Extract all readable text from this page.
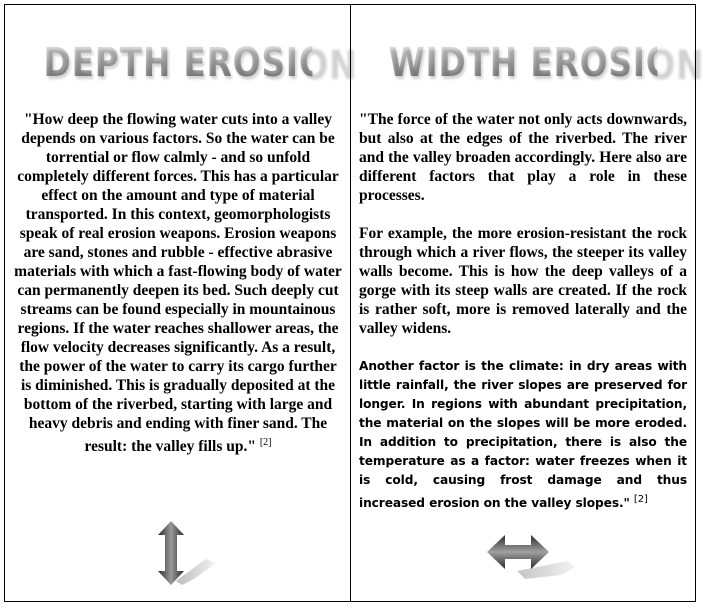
DEPTH EROSION
"How deep the flowing water cuts into a valley depends on various factors. So the water can be torrential or flow calmly - and so unfold completely different forces. This has a particular effect on the amount and type of material transported. In this context, geomorphologists speak of real erosion weapons. Erosion weapons are sand, stones and rubble - effective abrasive materials with which a fast-flowing body of water can permanently deepen its bed. Such deeply cut streams can be found especially in mountainous regions. If the water reaches shallower areas, the flow velocity decreases significantly. As a result, the power of the water to carry its cargo further is diminished. This is gradually deposited at the bottom of the riverbed, starting with large and heavy debris and ending with finer sand. The result: the valley fills up." [2]
WIDTH EROSION

"The force of the water not only acts downwards, but also at the edges of the riverbed. The river and the valley broaden accordingly. Here also are different factors that play a role in these processes.

For example, the more erosion-resistant the rock through which a river flows, the steeper its valley walls become. This is how the deep valleys of a gorge with its steep walls are created. If the rock is rather soft, more is removed laterally and the valley widens.

Another factor is the climate: in dry areas with little rainfall, the river slopes are preserved for longer. In regions with abundant precipitation, the material on the slopes will be more eroded. In addition to precipitation, there is also the temperature as a factor: water freezes when it is cold, causing frost damage and thus increased erosion on the valley slopes." [2]
